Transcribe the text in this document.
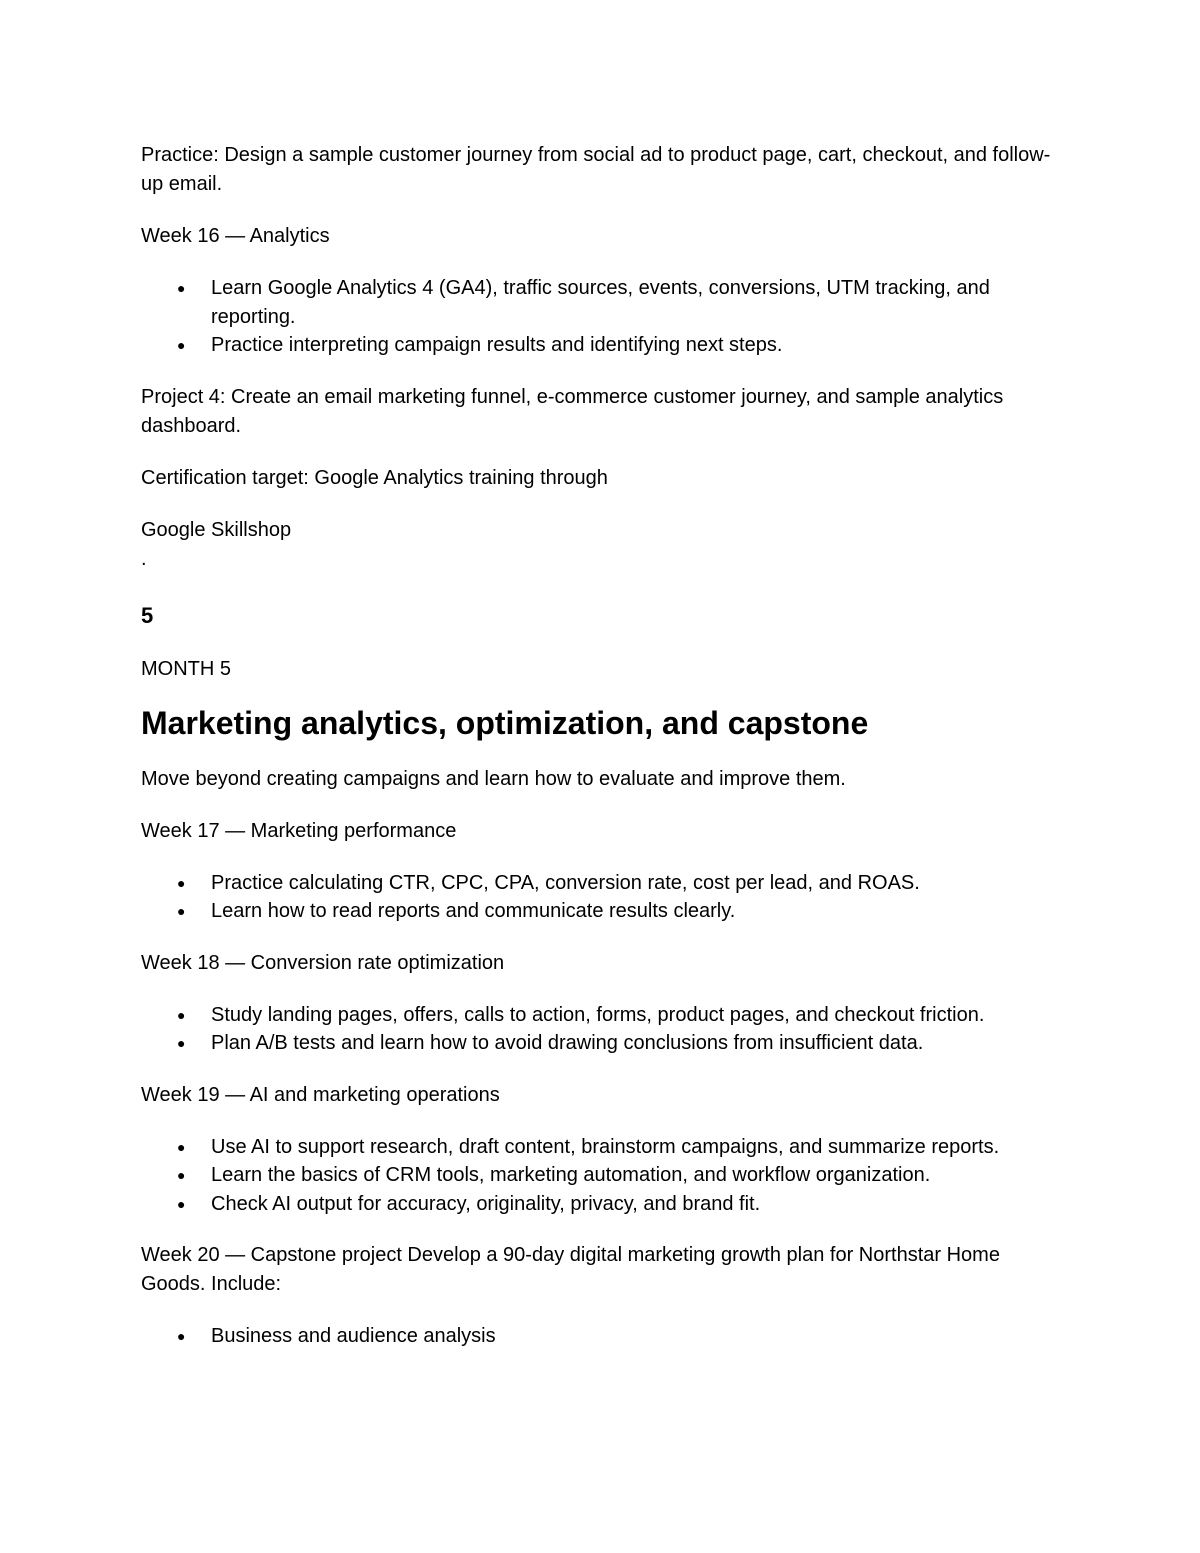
Practice: Design a sample customer journey from social ad to product page, cart, checkout, and follow-up email.

Week 16 — Analytics

● Learn Google Analytics 4 (GA4), traffic sources, events, conversions, UTM tracking, and reporting.
● Practice interpreting campaign results and identifying next steps.

Project 4: Create an email marketing funnel, e-commerce customer journey, and sample analytics dashboard.

Certification target: Google Analytics training through

Google Skillshop

.

5

MONTH 5

Marketing analytics, optimization, and capstone

Move beyond creating campaigns and learn how to evaluate and improve them.

Week 17 — Marketing performance

● Practice calculating CTR, CPC, CPA, conversion rate, cost per lead, and ROAS.
● Learn how to read reports and communicate results clearly.

Week 18 — Conversion rate optimization

● Study landing pages, offers, calls to action, forms, product pages, and checkout friction.
● Plan A/B tests and learn how to avoid drawing conclusions from insufficient data.

Week 19 — AI and marketing operations

● Use AI to support research, draft content, brainstorm campaigns, and summarize reports.
● Learn the basics of CRM tools, marketing automation, and workflow organization.
● Check AI output for accuracy, originality, privacy, and brand fit.

Week 20 — Capstone project Develop a 90-day digital marketing growth plan for Northstar Home Goods. Include:

● Business and audience analysis
